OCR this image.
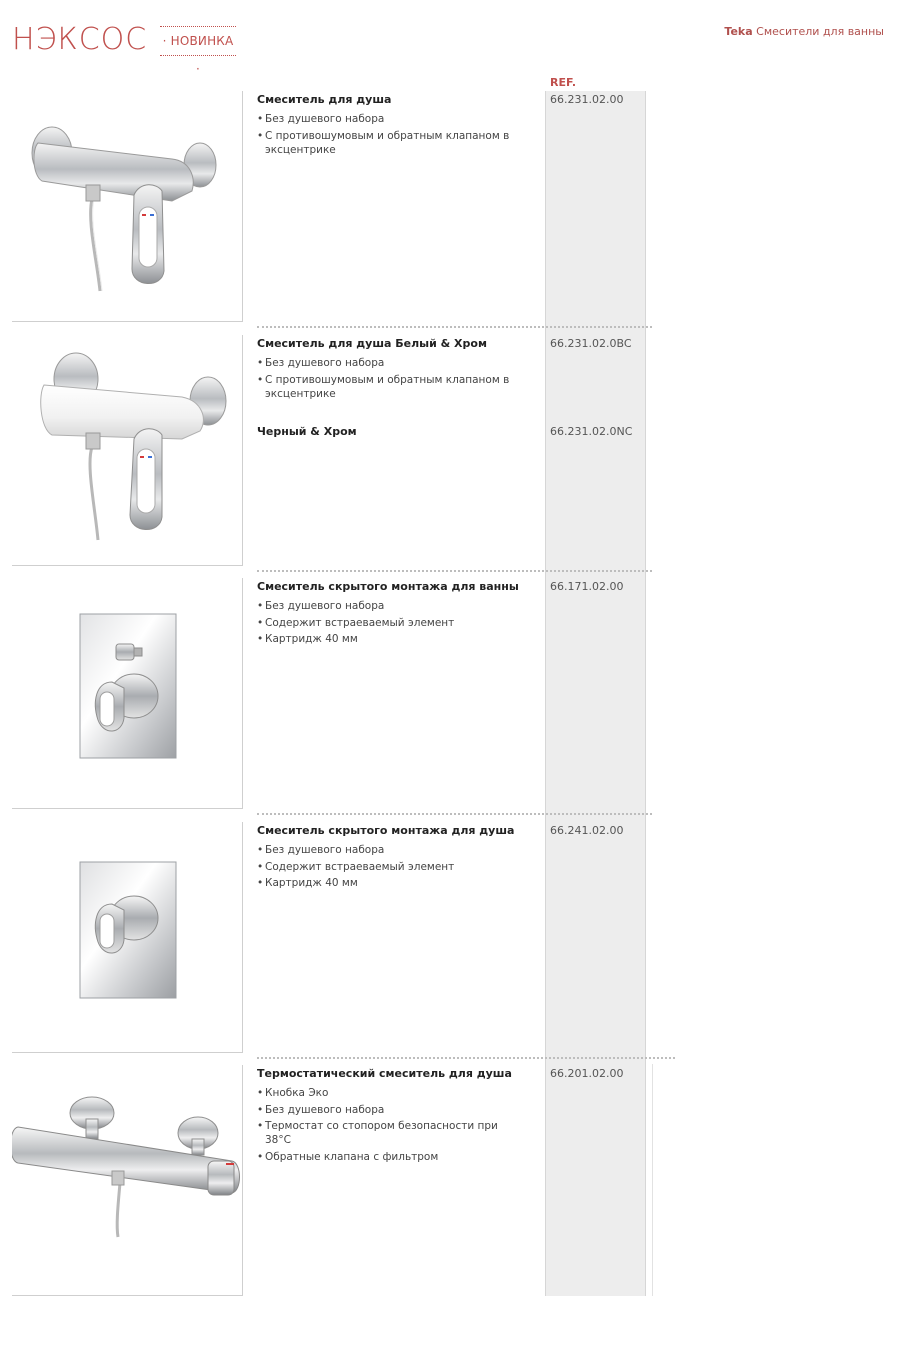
НЭКСОС · НОВИНКА ·
Teka Смесители для ванны
REF.
Смеситель для душа
• Без душевого набора
• С противошумовым и обратным клапаном в эксцентрике
66.231.02.00
Смеситель для душа Белый & Хром
• Без душевого набора
• С противошумовым и обратным клапаном в эксцентрике
66.231.02.0BC
Черный & Хром	66.231.02.0NC
Смеситель скрытого монтажа для ванны
• Без душевого набора
• Содержит встраеваемый элемент
• Картридж 40 мм
66.171.02.00
Смеситель скрытого монтажа для душа
• Без душевого набора
• Содержит встраеваемый элемент
• Картридж 40 мм
66.241.02.00
Термостатический смеситель для душа
• Кнобка Эко
• Без душевого набора
• Термостат со стопором безопасности при 38°C
• Обратные клапана с фильтром
66.201.02.00
